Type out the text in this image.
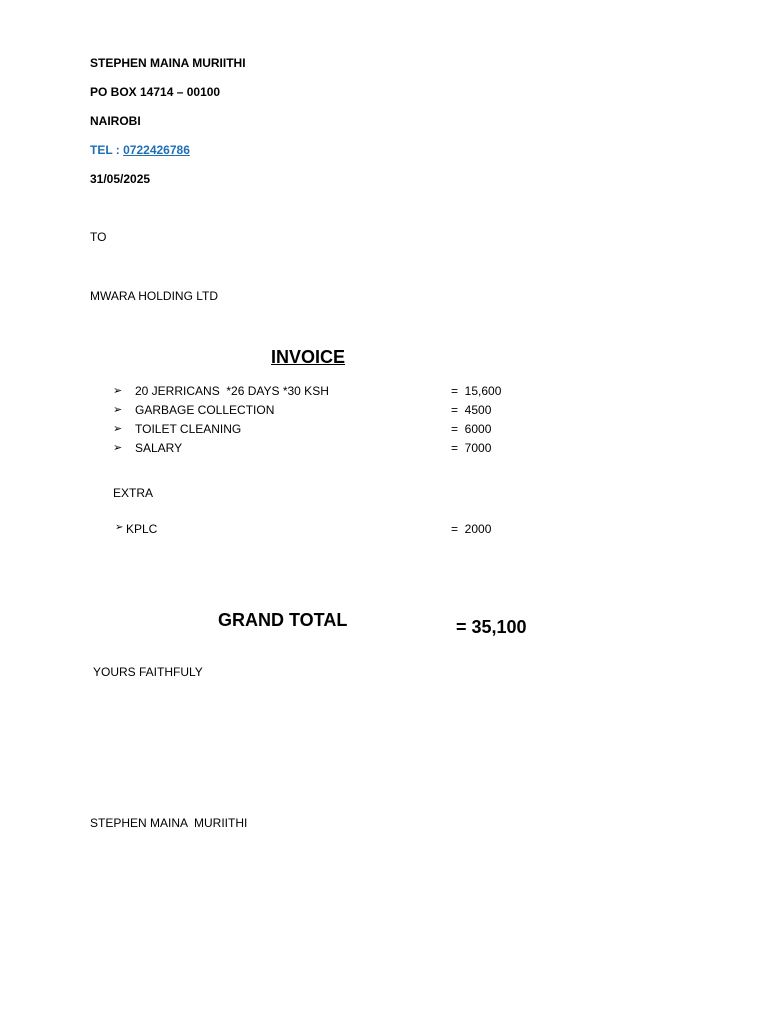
STEPHEN MAINA MURIITHI
PO BOX 14714 – 00100
NAIROBI
TEL : 0722426786
31/05/2025
TO
MWARA HOLDING LTD
INVOICE
➢ 20 JERRICANS  *26 DAYS *30 KSH	=  15,600
➢ GARBAGE COLLECTION	=  4500
➢ TOILET CLEANING	=  6000
➢ SALARY	=  7000
EXTRA
➢ KPLC	=  2000
GRAND TOTAL	= 35,100
YOURS FAITHFULY
STEPHEN MAINA  MURIITHI
